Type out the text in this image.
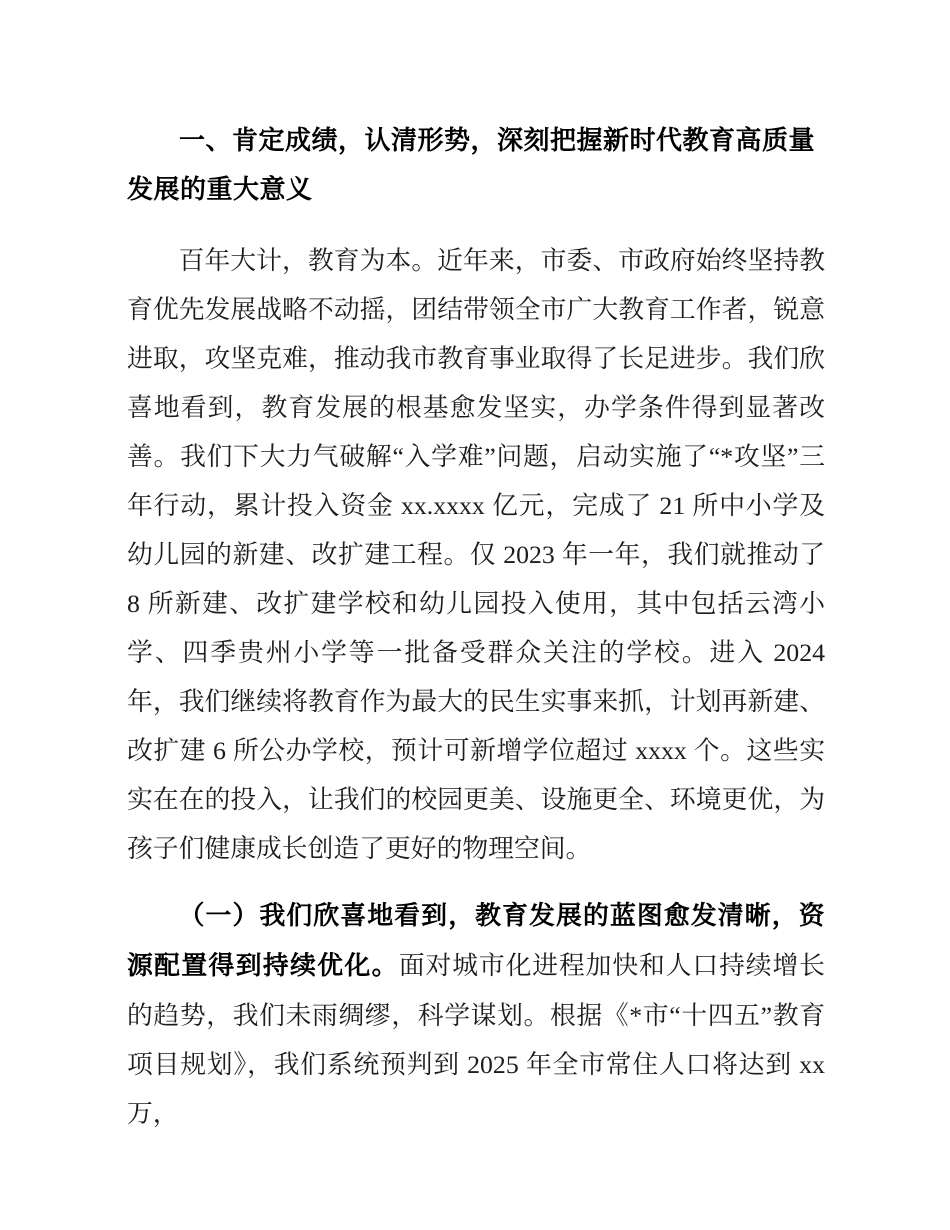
一、肯定成绩，认清形势，深刻把握新时代教育高质量发展的重大意义

百年大计，教育为本。近年来，市委、市政府始终坚持教育优先发展战略不动摇，团结带领全市广大教育工作者，锐意进取，攻坚克难，推动我市教育事业取得了长足进步。我们欣喜地看到，教育发展的根基愈发坚实，办学条件得到显著改善。我们下大力气破解“入学难”问题，启动实施了“*攻坚”三年行动，累计投入资金 xx.xxxx 亿元，完成了 21 所中小学及幼儿园的新建、改扩建工程。仅 2023 年一年，我们就推动了 8 所新建、改扩建学校和幼儿园投入使用，其中包括云湾小学、四季贵州小学等一批备受群众关注的学校。进入 2024 年，我们继续将教育作为最大的民生实事来抓，计划再新建、改扩建 6 所公办学校，预计可新增学位超过 xxxx 个。这些实实在在的投入，让我们的校园更美、设施更全、环境更优，为孩子们健康成长创造了更好的物理空间。

（一）我们欣喜地看到，教育发展的蓝图愈发清晰，资源配置得到持续优化。面对城市化进程加快和人口持续增长的趋势，我们未雨绸缪，科学谋划。根据《*市“十四五”教育项目规划》，我们系统预判到 2025 年全市常住人口将达到 xx 万，
